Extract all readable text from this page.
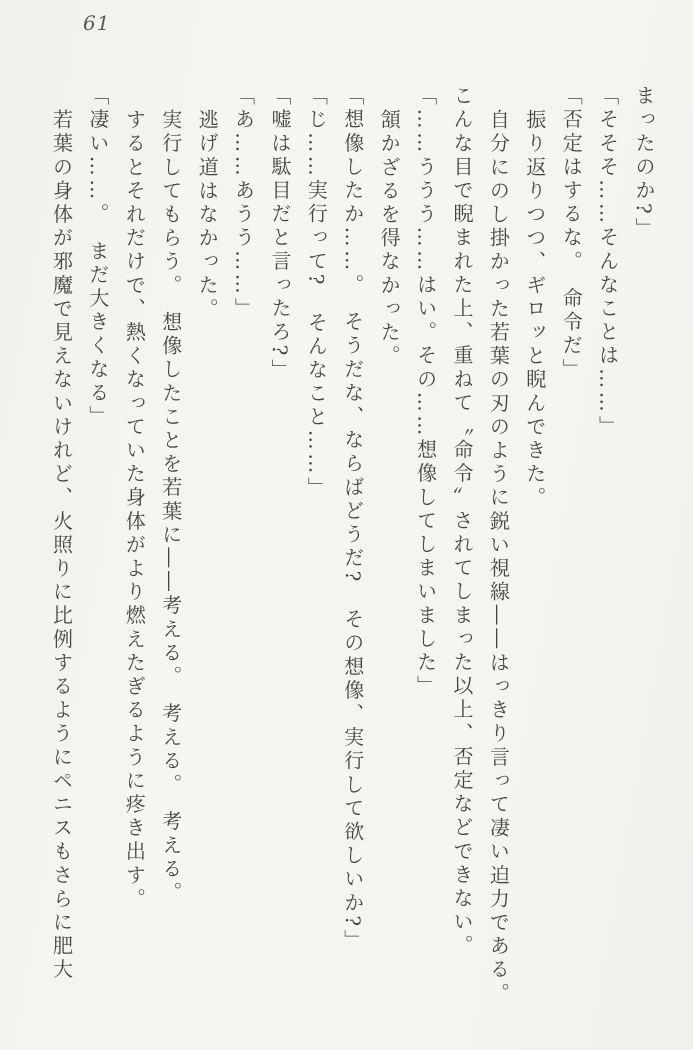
61

まったのか?」

「そそそ……そんなことは……」

「否定はするな。　命令だ」

振り返りつつ、ギロッと睨んできた。

自分にのし掛かった若葉の刃のように鋭い視線――はっきり言って凄い迫力である。

こんな目で睨まれた上、重ねて〝命令〟されてしまった以上、否定などできない。

「……ううう……はい。その……想像してしまいました」

頷かざるを得なかった。

「想像したか……。　そうだな、ならばどうだ?　その想像、実行して欲しいか?」

「じ……実行って?　そんなこと……」

「嘘は駄目だと言ったろ?」

「あ……あうう……」

逃げ道はなかった。

実行してもらう。　想像したことを若葉に――考える。　考える。　考える。

するとそれだけで、熱くなっていた身体がより燃えたぎるように疼き出す。

「凄い……。　まだ大きくなる」

若葉の身体が邪魔で見えないけれど、火照りに比例するようにペニスもさらに肥大
